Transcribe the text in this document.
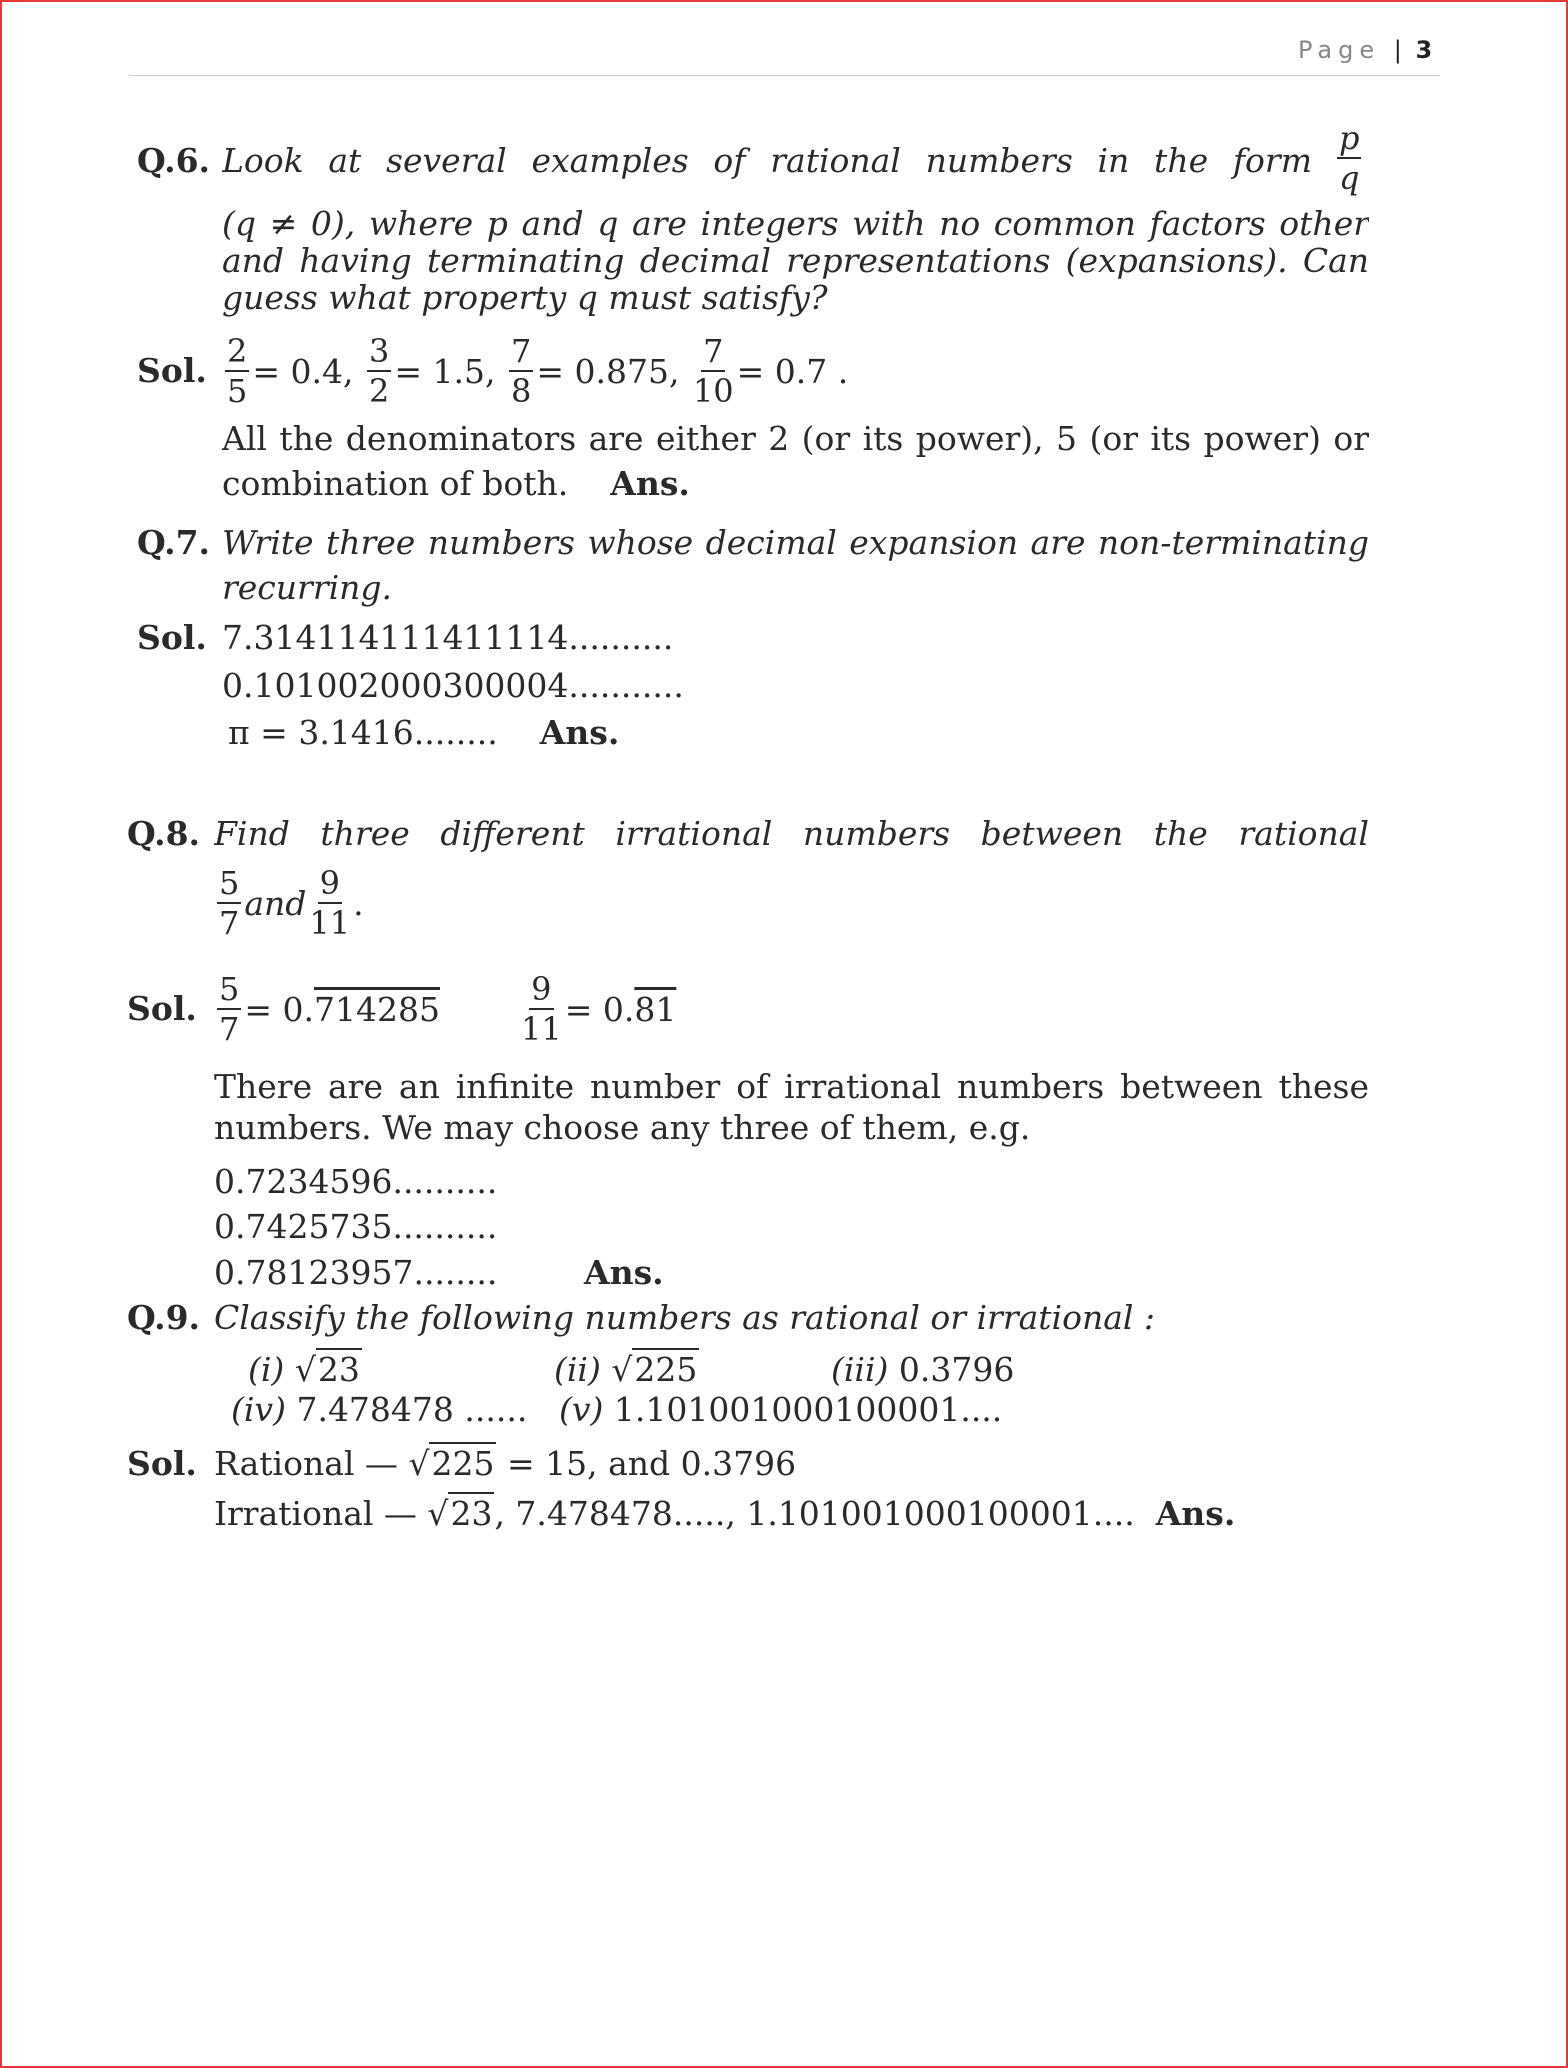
Page | 3
Q.6. Look at several examples of rational numbers in the form $\frac{p}{q}$
(q ≠ 0), where p and q are integers with no common factors other
and having terminating decimal representations (expansions). Can
guess what property q must satisfy?
Sol. $\frac{2}{5} = 0.4$,
$\frac{3}{2} = 1.5$,
$\frac{7}{8} = 0.875$,
$\frac{7}{10} = 0.7$ .
All the denominators are either 2 (or its power), 5 (or its power) or
combination of both. Ans.
Q.7. Write three numbers whose decimal expansion are non-terminating
recurring.
Sol. 7.314114111411114..........
0.101002000300004...........
π = 3.1416........ Ans.
Q.8. Find three different irrational numbers between the rational
$\frac{5}{7}$ and $\frac{9}{11}$ .
Sol. $\frac{5}{7} = 0$. 714285	$\frac{9}{11} = 0$. 81
There are an infinite number of irrational numbers between these
numbers. We may choose any three of them, e.g.
0.7234596..........
0.7425735..........
0.78123957........	Ans.
Q.9. Classify the following numbers as rational or irrational :
(i) √23	(ii) √225	(iii) 0.3796
(iv) 7.478478 ...... (v) 1.101001000100001....
Sol. Rational — √225 = 15, and 0.3796
Irrational — √23, 7.478478....., 1.101001000100001.... Ans.
